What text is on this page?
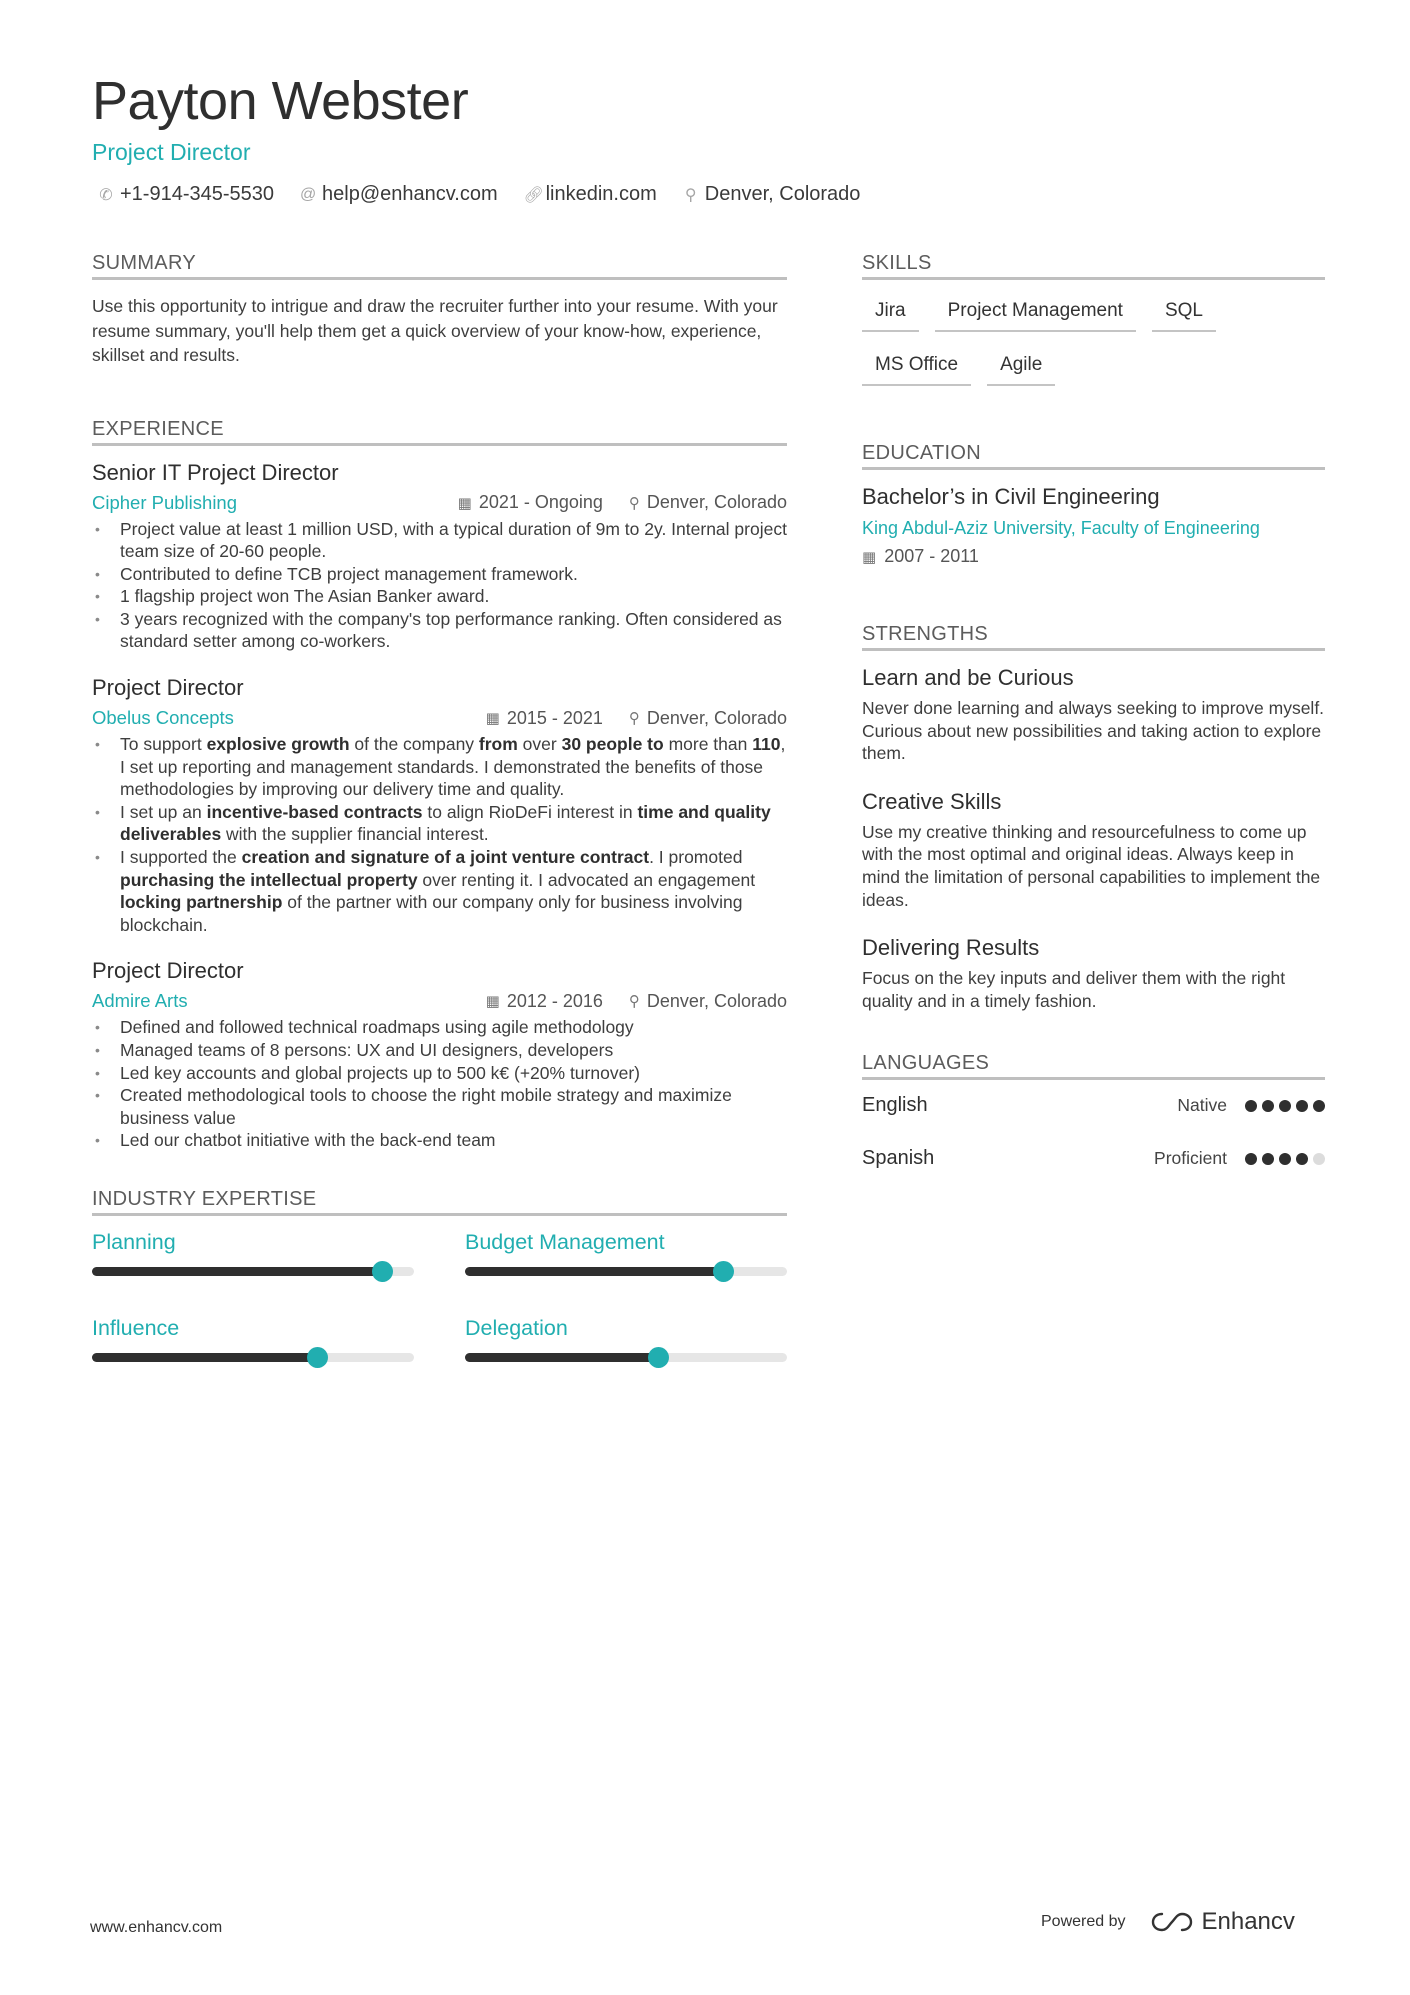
Payton Webster
Project Director
✆ +1-914-345-5530 @ help@enhancv.com 🔗︎ linkedin.com ⚲ Denver, Colorado
SUMMARY
Use this opportunity to intrigue and draw the recruiter further into your resume. With your resume summary, you'll help them get a quick overview of your know-how, experience, skillset and results.
EXPERIENCE
Senior IT Project Director
Cipher Publishing	▦ 2021 - Ongoing ⚲ Denver, Colorado
• Project value at least 1 million USD, with a typical duration of 9m to 2y. Internal project team size of 20-60 people.
• Contributed to define TCB project management framework.
• 1 flagship project won The Asian Banker award.
• 3 years recognized with the company's top performance ranking. Often considered as standard setter among co-workers.
Project Director
Obelus Concepts	▦ 2015 - 2021 ⚲ Denver, Colorado
• To support explosive growth of the company from over 30 people to more than 110, I set up reporting and management standards. I demonstrated the benefits of those methodologies by improving our delivery time and quality.
• I set up an incentive-based contracts to align RioDeFi interest in time and quality deliverables with the supplier financial interest.
• I supported the creation and signature of a joint venture contract. I promoted purchasing the intellectual property over renting it. I advocated an engagement locking partnership of the partner with our company only for business involving blockchain.
Project Director
Admire Arts	▦ 2012 - 2016 ⚲ Denver, Colorado
• Defined and followed technical roadmaps using agile methodology
• Managed teams of 8 persons: UX and UI designers, developers
• Led key accounts and global projects up to 500 k€ (+20% turnover)
• Created methodological tools to choose the right mobile strategy and maximize business value
• Led our chatbot initiative with the back-end team
INDUSTRY EXPERTISE
Planning	Budget Management
Influence	Delegation
SKILLS
Jira	Project Management	SQL
MS Office	Agile
EDUCATION
Bachelor’s in Civil Engineering
King Abdul-Aziz University, Faculty of Engineering
▦ 2007 - 2011
STRENGTHS
Learn and be Curious
Never done learning and always seeking to improve myself. Curious about new possibilities and taking action to explore them.
Creative Skills
Use my creative thinking and resourcefulness to come up with the most optimal and original ideas. Always keep in mind the limitation of personal capabilities to implement the ideas.
Delivering Results
Focus on the key inputs and deliver them with the right quality and in a timely fashion.
LANGUAGES
English	Native
Spanish	Proficient
www.enhancv.com	Powered by	Enhancv
